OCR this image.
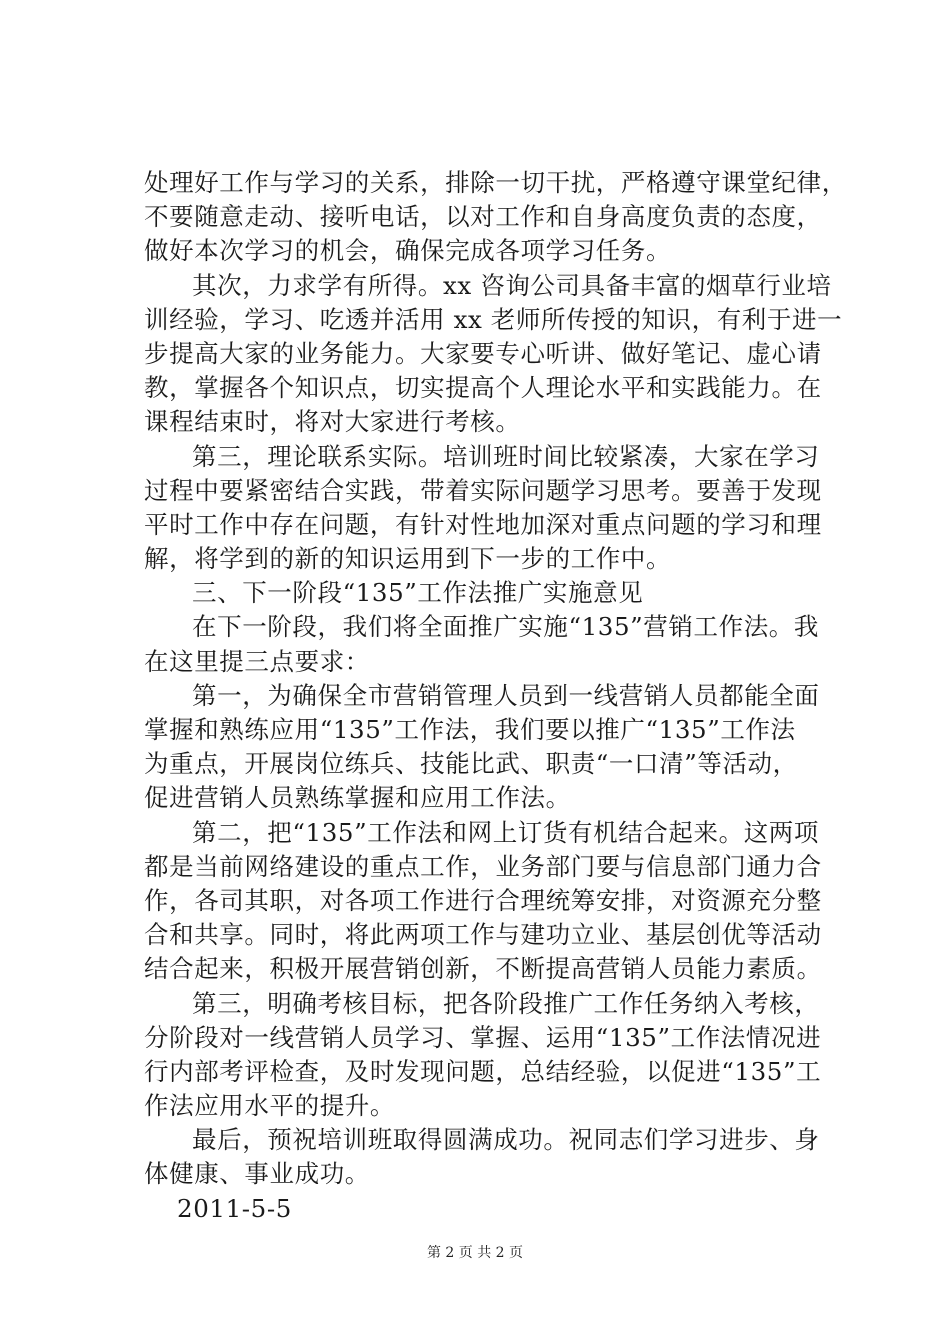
处理好工作与学习的关系，排除一切干扰，严格遵守课堂纪律，
不要随意走动、接听电话，以对工作和自身高度负责的态度，
做好本次学习的机会，确保完成各项学习任务。
其次，力求学有所得。xx 咨询公司具备丰富的烟草行业培
训经验，学习、吃透并活用 xx 老师所传授的知识，有利于进一
步提高大家的业务能力。大家要专心听讲、做好笔记、虚心请
教，掌握各个知识点，切实提高个人理论水平和实践能力。在
课程结束时，将对大家进行考核。
第三，理论联系实际。培训班时间比较紧凑，大家在学习
过程中要紧密结合实践，带着实际问题学习思考。要善于发现
平时工作中存在问题，有针对性地加深对重点问题的学习和理
解，将学到的新的知识运用到下一步的工作中。
三、下一阶段“135”工作法推广实施意见
在下一阶段，我们将全面推广实施“135”营销工作法。我
在这里提三点要求：
第一，为确保全市营销管理人员到一线营销人员都能全面
掌握和熟练应用“135”工作法，我们要以推广“135”工作法
为重点，开展岗位练兵、技能比武、职责“一口清”等活动，
促进营销人员熟练掌握和应用工作法。
第二，把“135”工作法和网上订货有机结合起来。这两项
都是当前网络建设的重点工作，业务部门要与信息部门通力合
作，各司其职，对各项工作进行合理统筹安排，对资源充分整
合和共享。同时，将此两项工作与建功立业、基层创优等活动
结合起来，积极开展营销创新，不断提高营销人员能力素质。
第三，明确考核目标，把各阶段推广工作任务纳入考核，
分阶段对一线营销人员学习、掌握、运用“135”工作法情况进
行内部考评检查，及时发现问题，总结经验，以促进“135”工
作法应用水平的提升。
最后，预祝培训班取得圆满成功。祝同志们学习进步、身
体健康、事业成功。
2011-5-5
第 2 页 共 2 页
